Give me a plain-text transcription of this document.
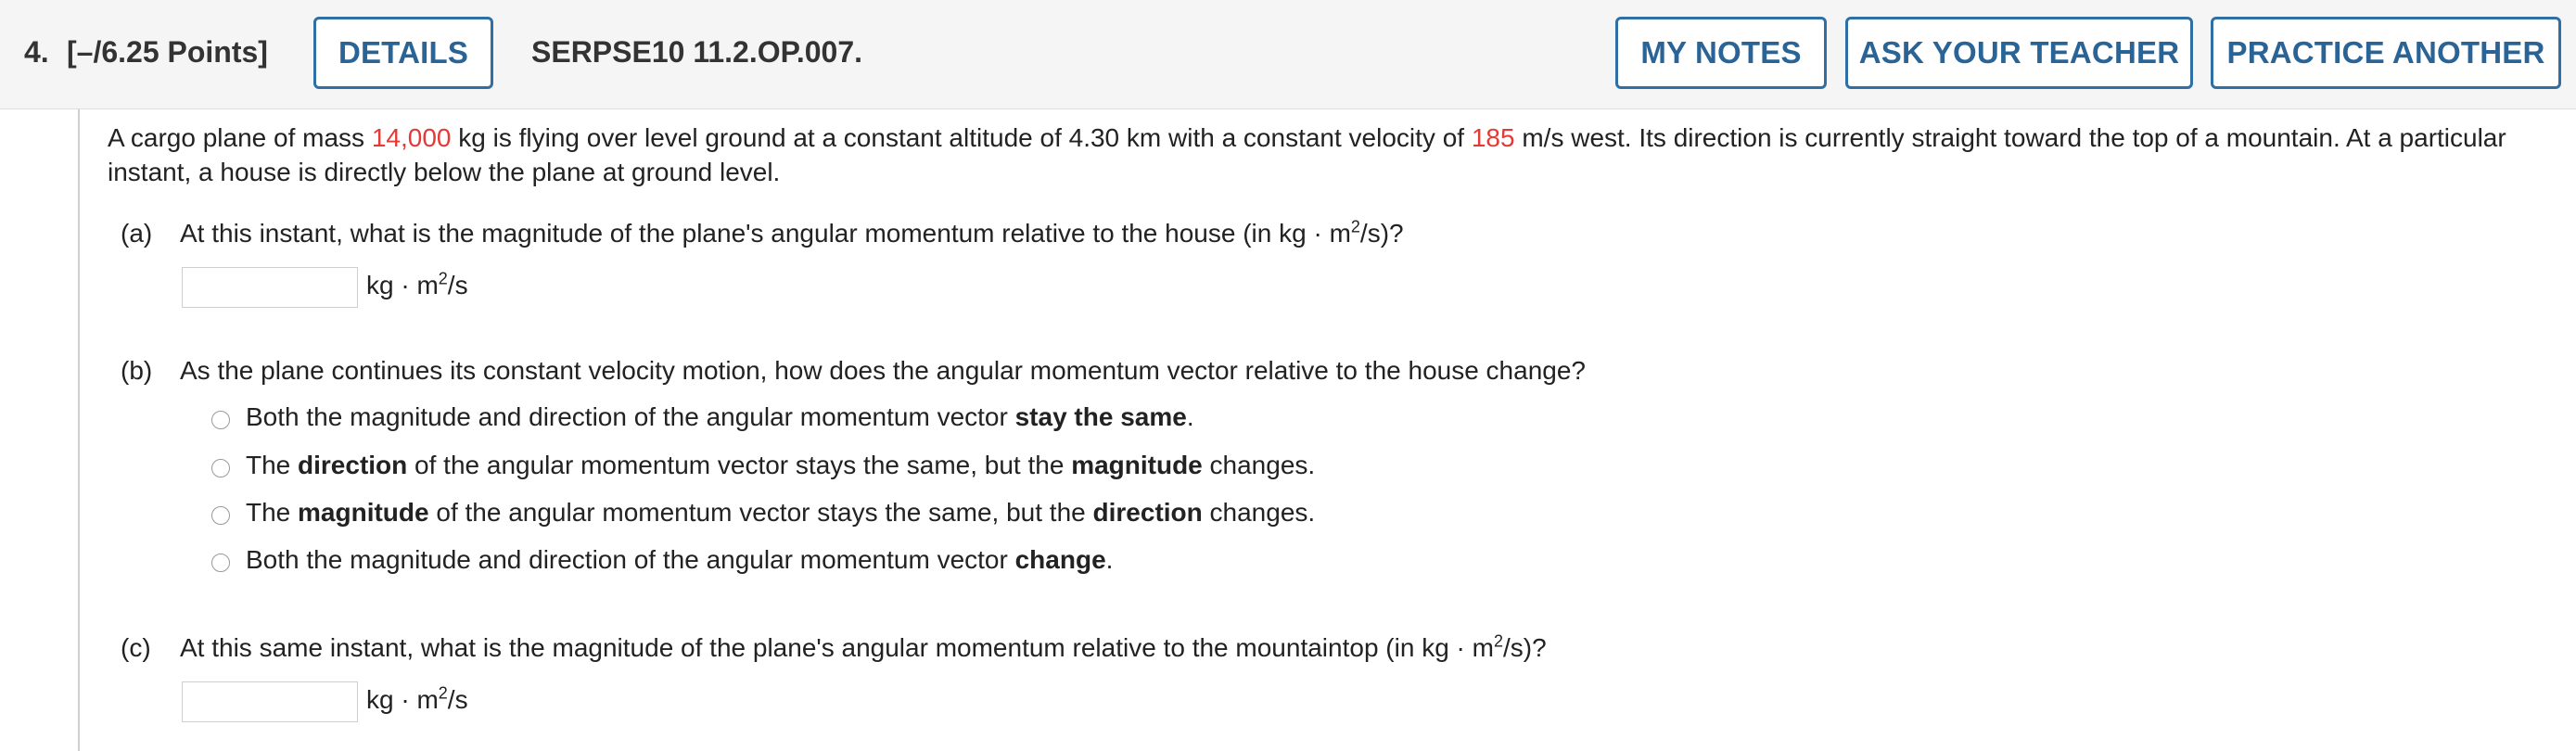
4. [–/6.25 Points]	DETAILS	SERPSE10 11.2.OP.007.	MY NOTES	ASK YOUR TEACHER	PRACTICE ANOTHER
A cargo plane of mass 14,000 kg is flying over level ground at a constant altitude of 4.30 km with a constant velocity of 185 m/s west. Its direction is currently straight toward the top of a mountain. At a particular instant, a house is directly below the plane at ground level.
(a) At this instant, what is the magnitude of the plane's angular momentum relative to the house (in kg · $m^2/s$)?
kg · $m^2/s$
(b) As the plane continues its constant velocity motion, how does the angular momentum vector relative to the house change?
Both the magnitude and direction of the angular momentum vector stay the same.
The direction of the angular momentum vector stays the same, but the magnitude changes.
The magnitude of the angular momentum vector stays the same, but the direction changes.
Both the magnitude and direction of the angular momentum vector change.
(c) At this same instant, what is the magnitude of the plane's angular momentum relative to the mountaintop (in kg · $m^2/s$)?
kg · $m^2/s$
